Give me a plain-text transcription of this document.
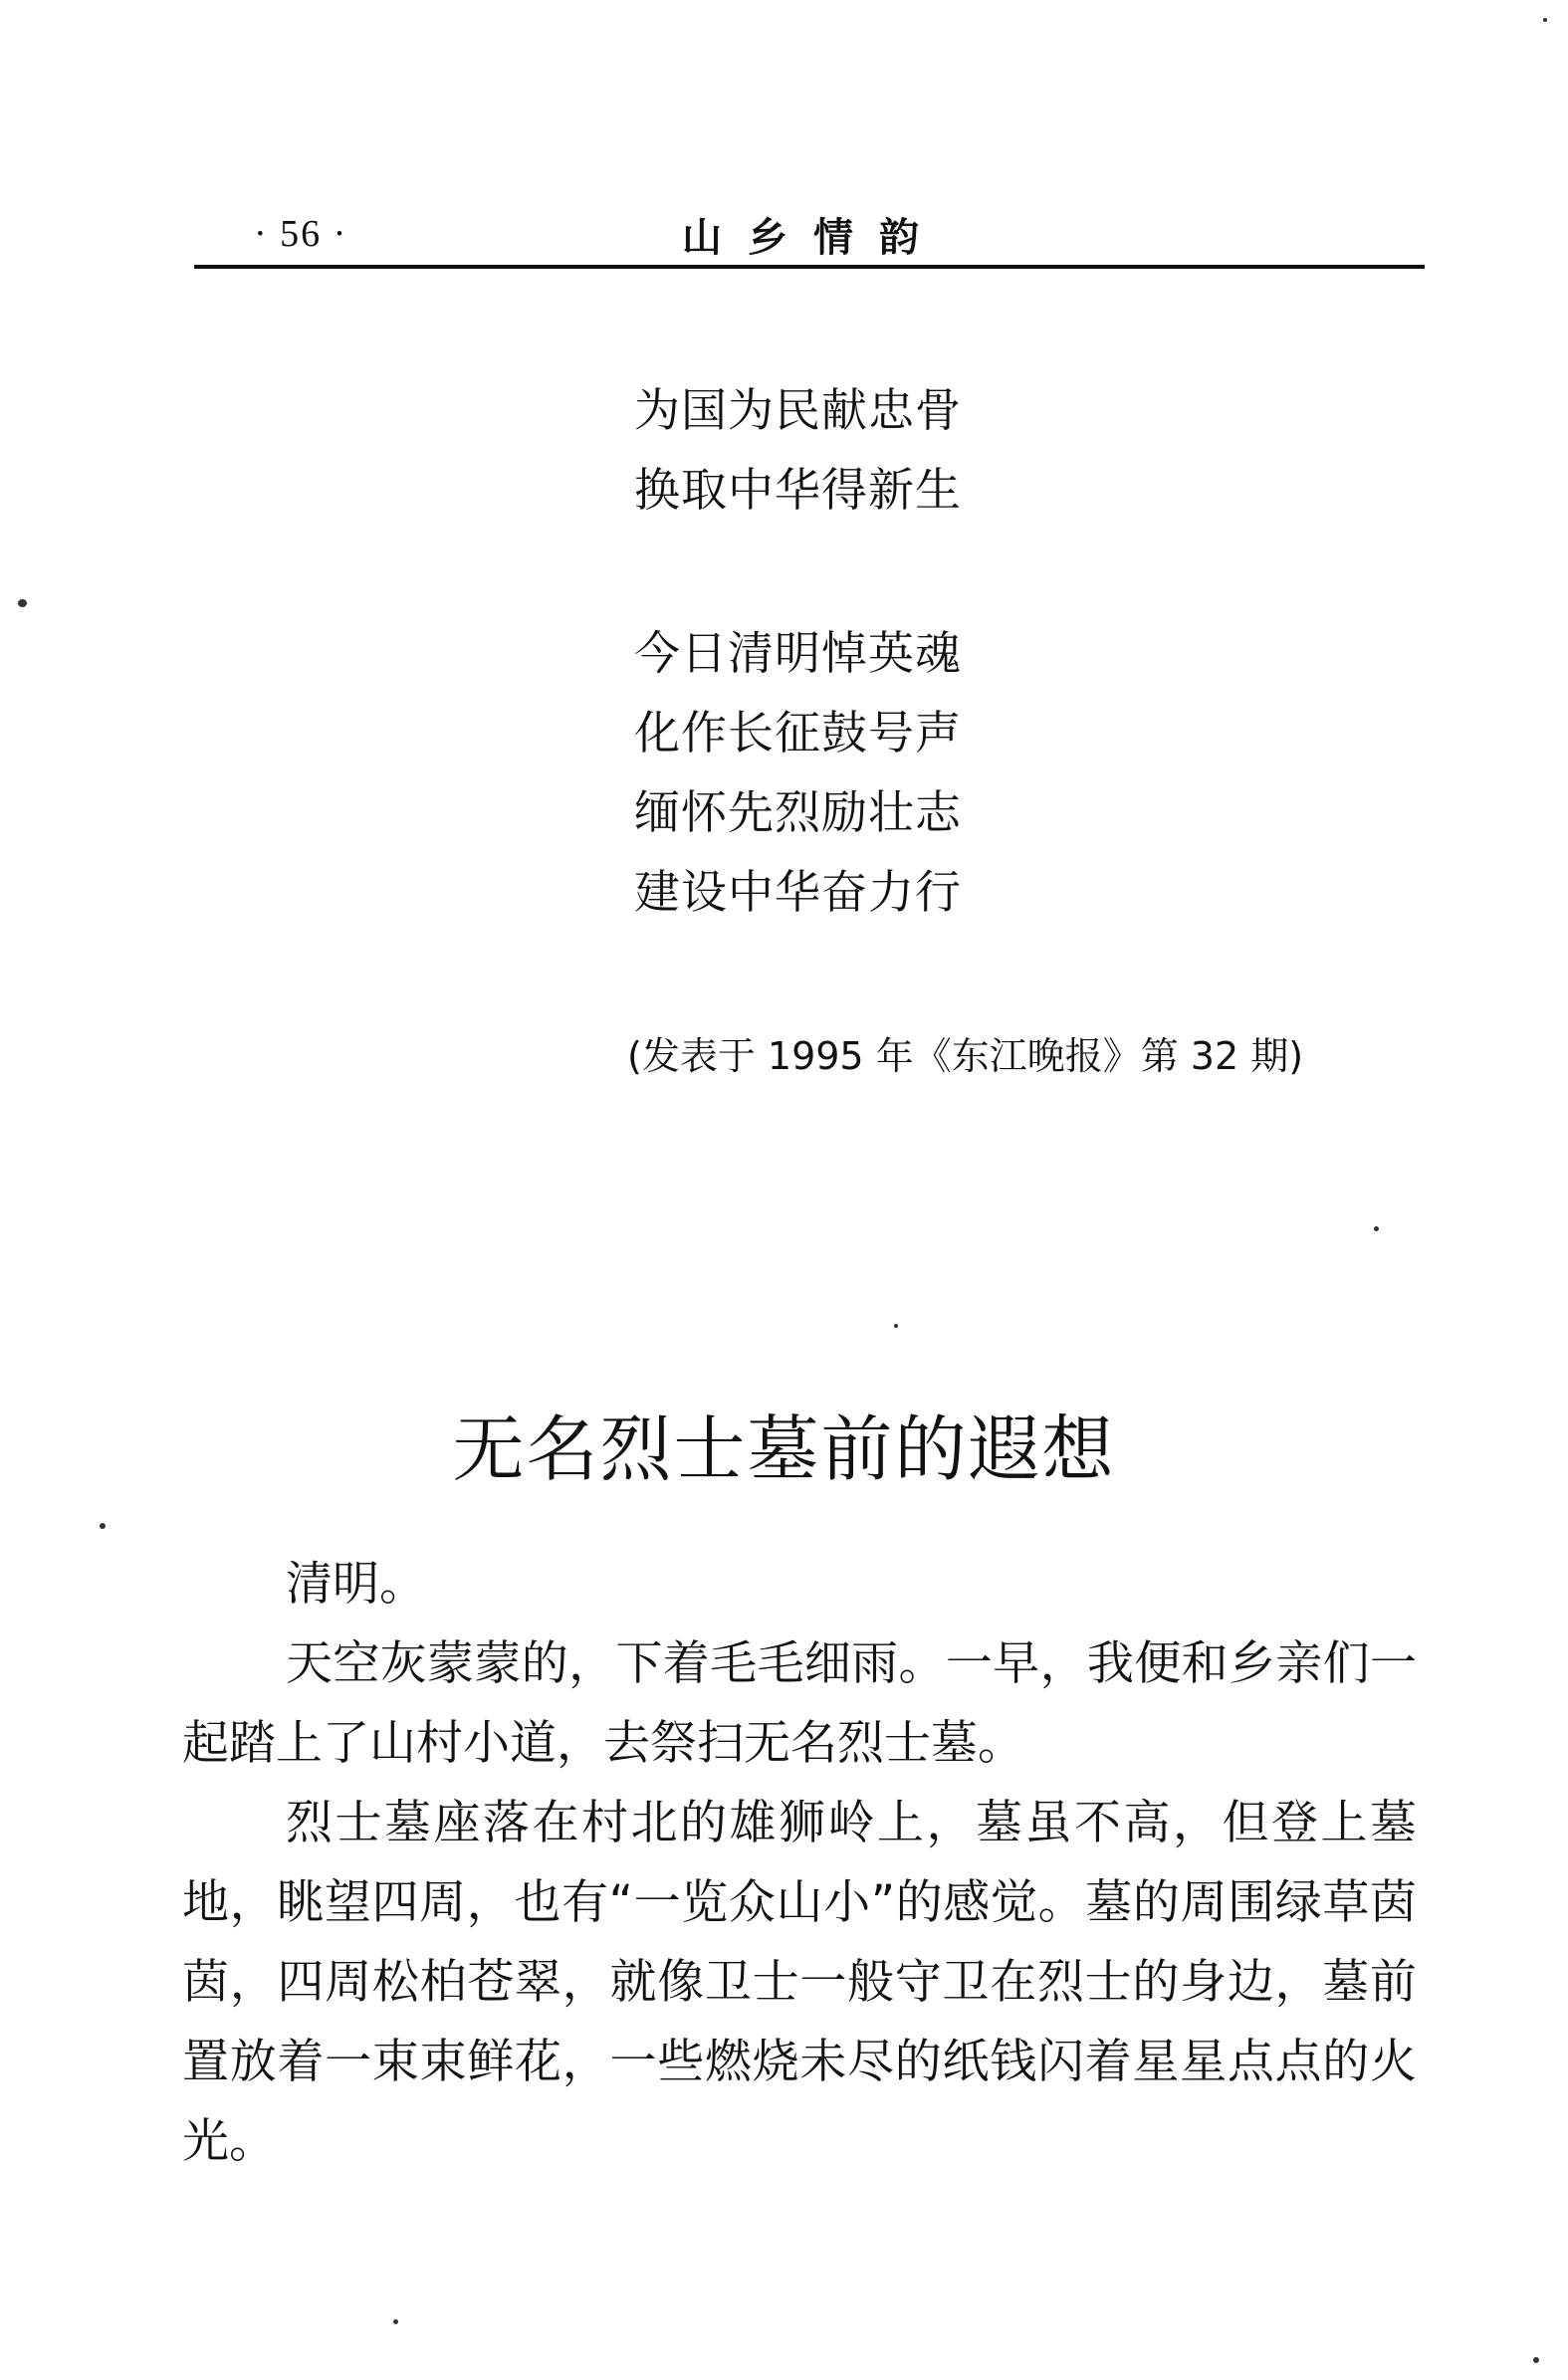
· 56 ·	山乡情韵
为国为民献忠骨
换取中华得新生
今日清明悼英魂
化作长征鼓号声
缅怀先烈励壮志
建设中华奋力行
(发表于 1995 年《东江晚报》第 32 期)
无名烈士墓前的遐想

清明。

天空灰蒙蒙的，下着毛毛细雨。一早，我便和乡亲们一起踏上了山村小道，去祭扫无名烈士墓。

烈士墓座落在村北的雄狮岭上，墓虽不高，但登上墓地，眺望四周，也有“一览众山小”的感觉。墓的周围绿草茵茵，四周松柏苍翠，就像卫士一般守卫在烈士的身边，墓前置放着一束束鲜花，一些燃烧未尽的纸钱闪着星星点点的火光。
